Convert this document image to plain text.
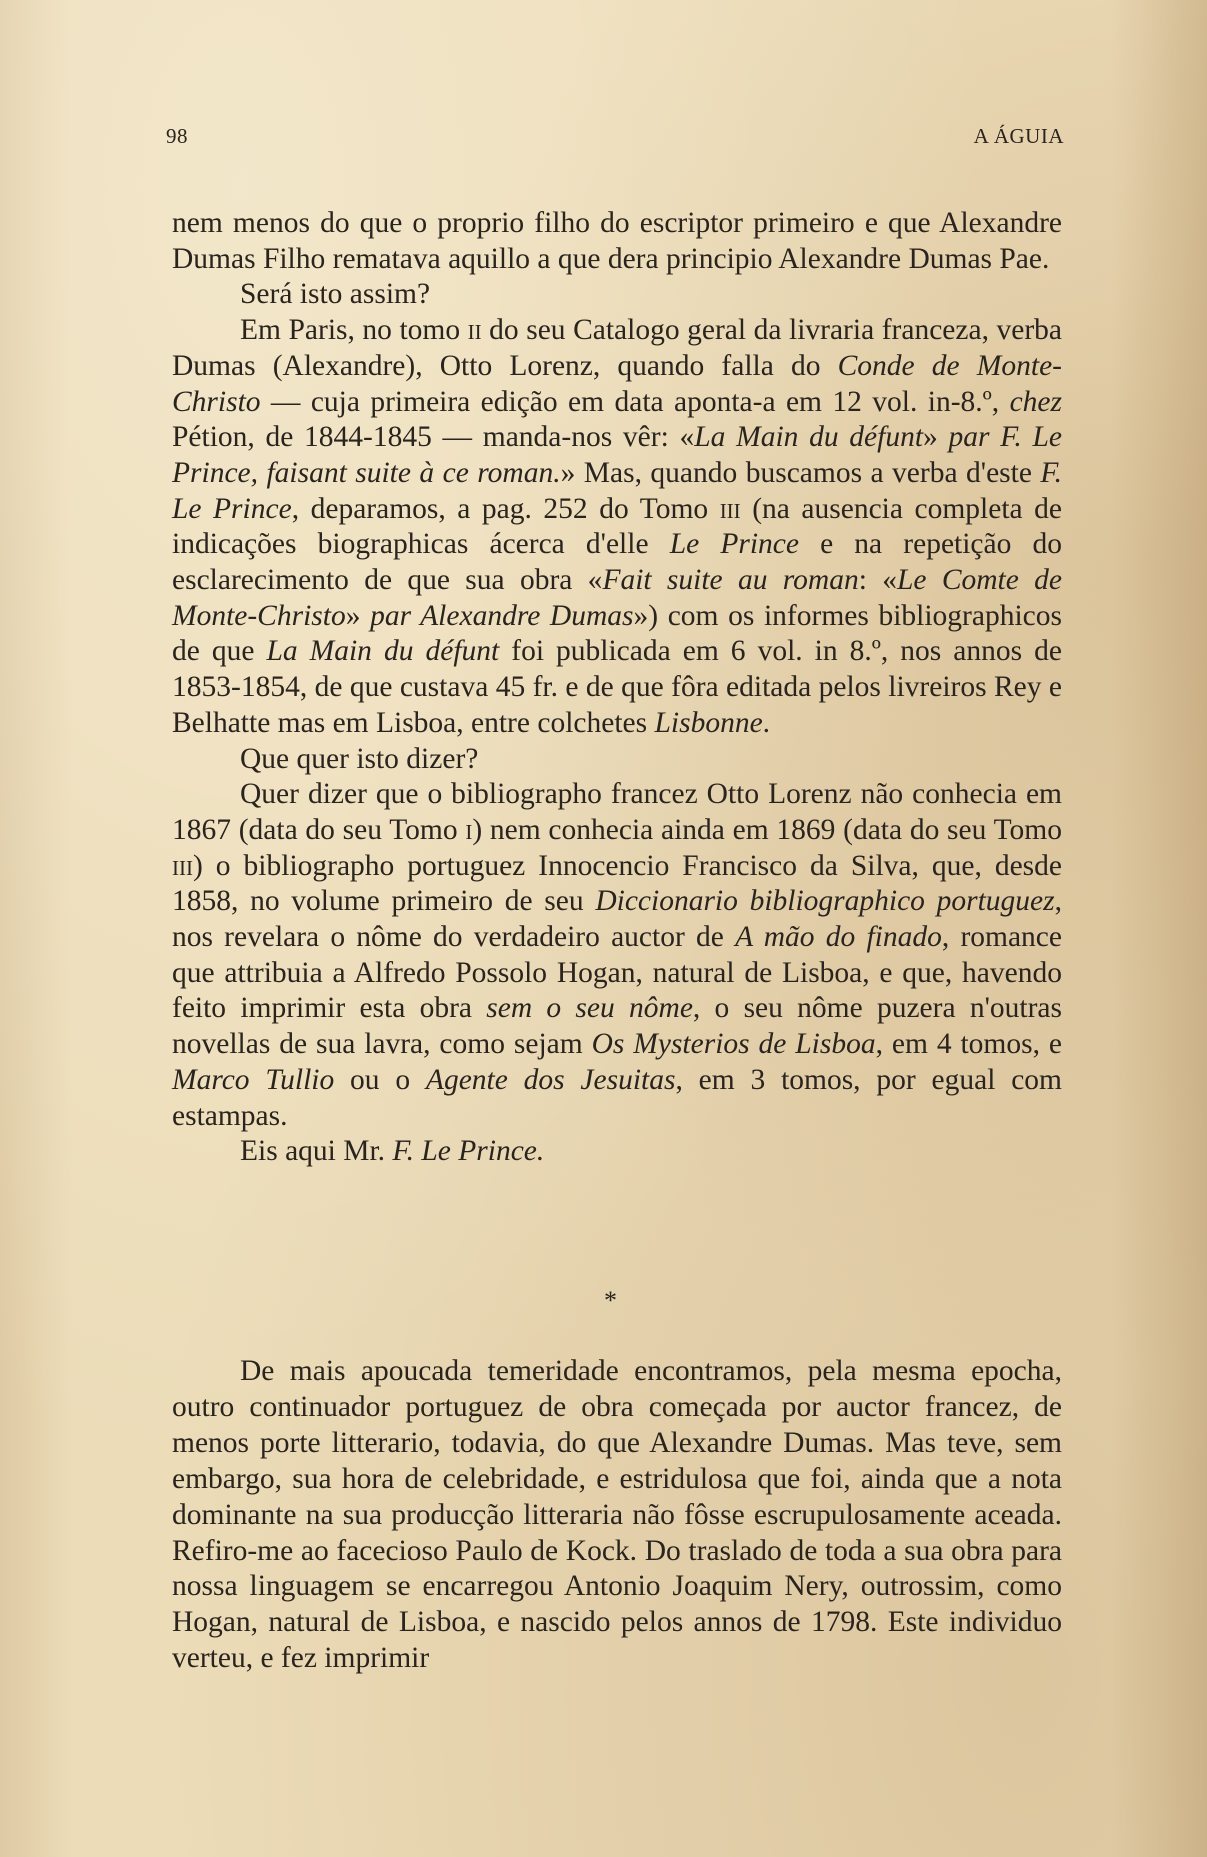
98	A ÁGUIA

nem menos do que o proprio filho do escriptor primeiro e que Alexandre Dumas Filho rematava aquillo a que dera principio Alexandre Dumas Pae.

Será isto assim?

Em Paris, no tomo ii do seu Catalogo geral da livraria franceza, verba Dumas (Alexandre), Otto Lorenz, quando falla do Conde de Monte-Christo — cuja primeira edição em data aponta-a em 12 vol. in-8.º, chez Pétion, de 1844-1845 — manda-nos vêr: «La Main du défunt» par F. Le Prince, faisant suite à ce roman.» Mas, quando buscamos a verba d'este F. Le Prince, deparamos, a pag. 252 do Tomo iii (na ausencia completa de indicações biographicas ácerca d'elle Le Prince e na repetição do esclarecimento de que sua obra «Fait suite au roman: «Le Comte de Monte-Christo» par Alexandre Dumas») com os informes bibliographicos de que La Main du défunt foi publicada em 6 vol. in 8.º, nos annos de 1853-1854, de que custava 45 fr. e de que fôra editada pelos livreiros Rey e Belhatte mas em Lisboa, entre colchetes Lisbonne.

Que quer isto dizer?

Quer dizer que o bibliographo francez Otto Lorenz não conhecia em 1867 (data do seu Tomo i) nem conhecia ainda em 1869 (data do seu Tomo iii) o bibliographo portuguez Innocencio Francisco da Silva, que, desde 1858, no volume primeiro de seu Diccionario bibliographico portuguez, nos revelara o nôme do verdadeiro auctor de A mão do finado, romance que attribuia a Alfredo Possolo Hogan, natural de Lisboa, e que, havendo feito imprimir esta obra sem o seu nôme, o seu nôme puzera n'outras novellas de sua lavra, como sejam Os Mysterios de Lisboa, em 4 tomos, e Marco Tullio ou o Agente dos Jesuitas, em 3 tomos, por egual com estampas.

Eis aqui Mr. F. Le Prince.

*

De mais apoucada temeridade encontramos, pela mesma epocha, outro continuador portuguez de obra começada por auctor francez, de menos porte litterario, todavia, do que Alexandre Dumas. Mas teve, sem embargo, sua hora de celebridade, e estridulosa que foi, ainda que a nota dominante na sua producção litteraria não fôsse escrupulosamente aceada. Refiro-me ao facecioso Paulo de Kock. Do traslado de toda a sua obra para nossa linguagem se encarregou Antonio Joaquim Nery, outrossim, como Hogan, natural de Lisboa, e nascido pelos annos de 1798. Este individuo verteu, e fez imprimir
